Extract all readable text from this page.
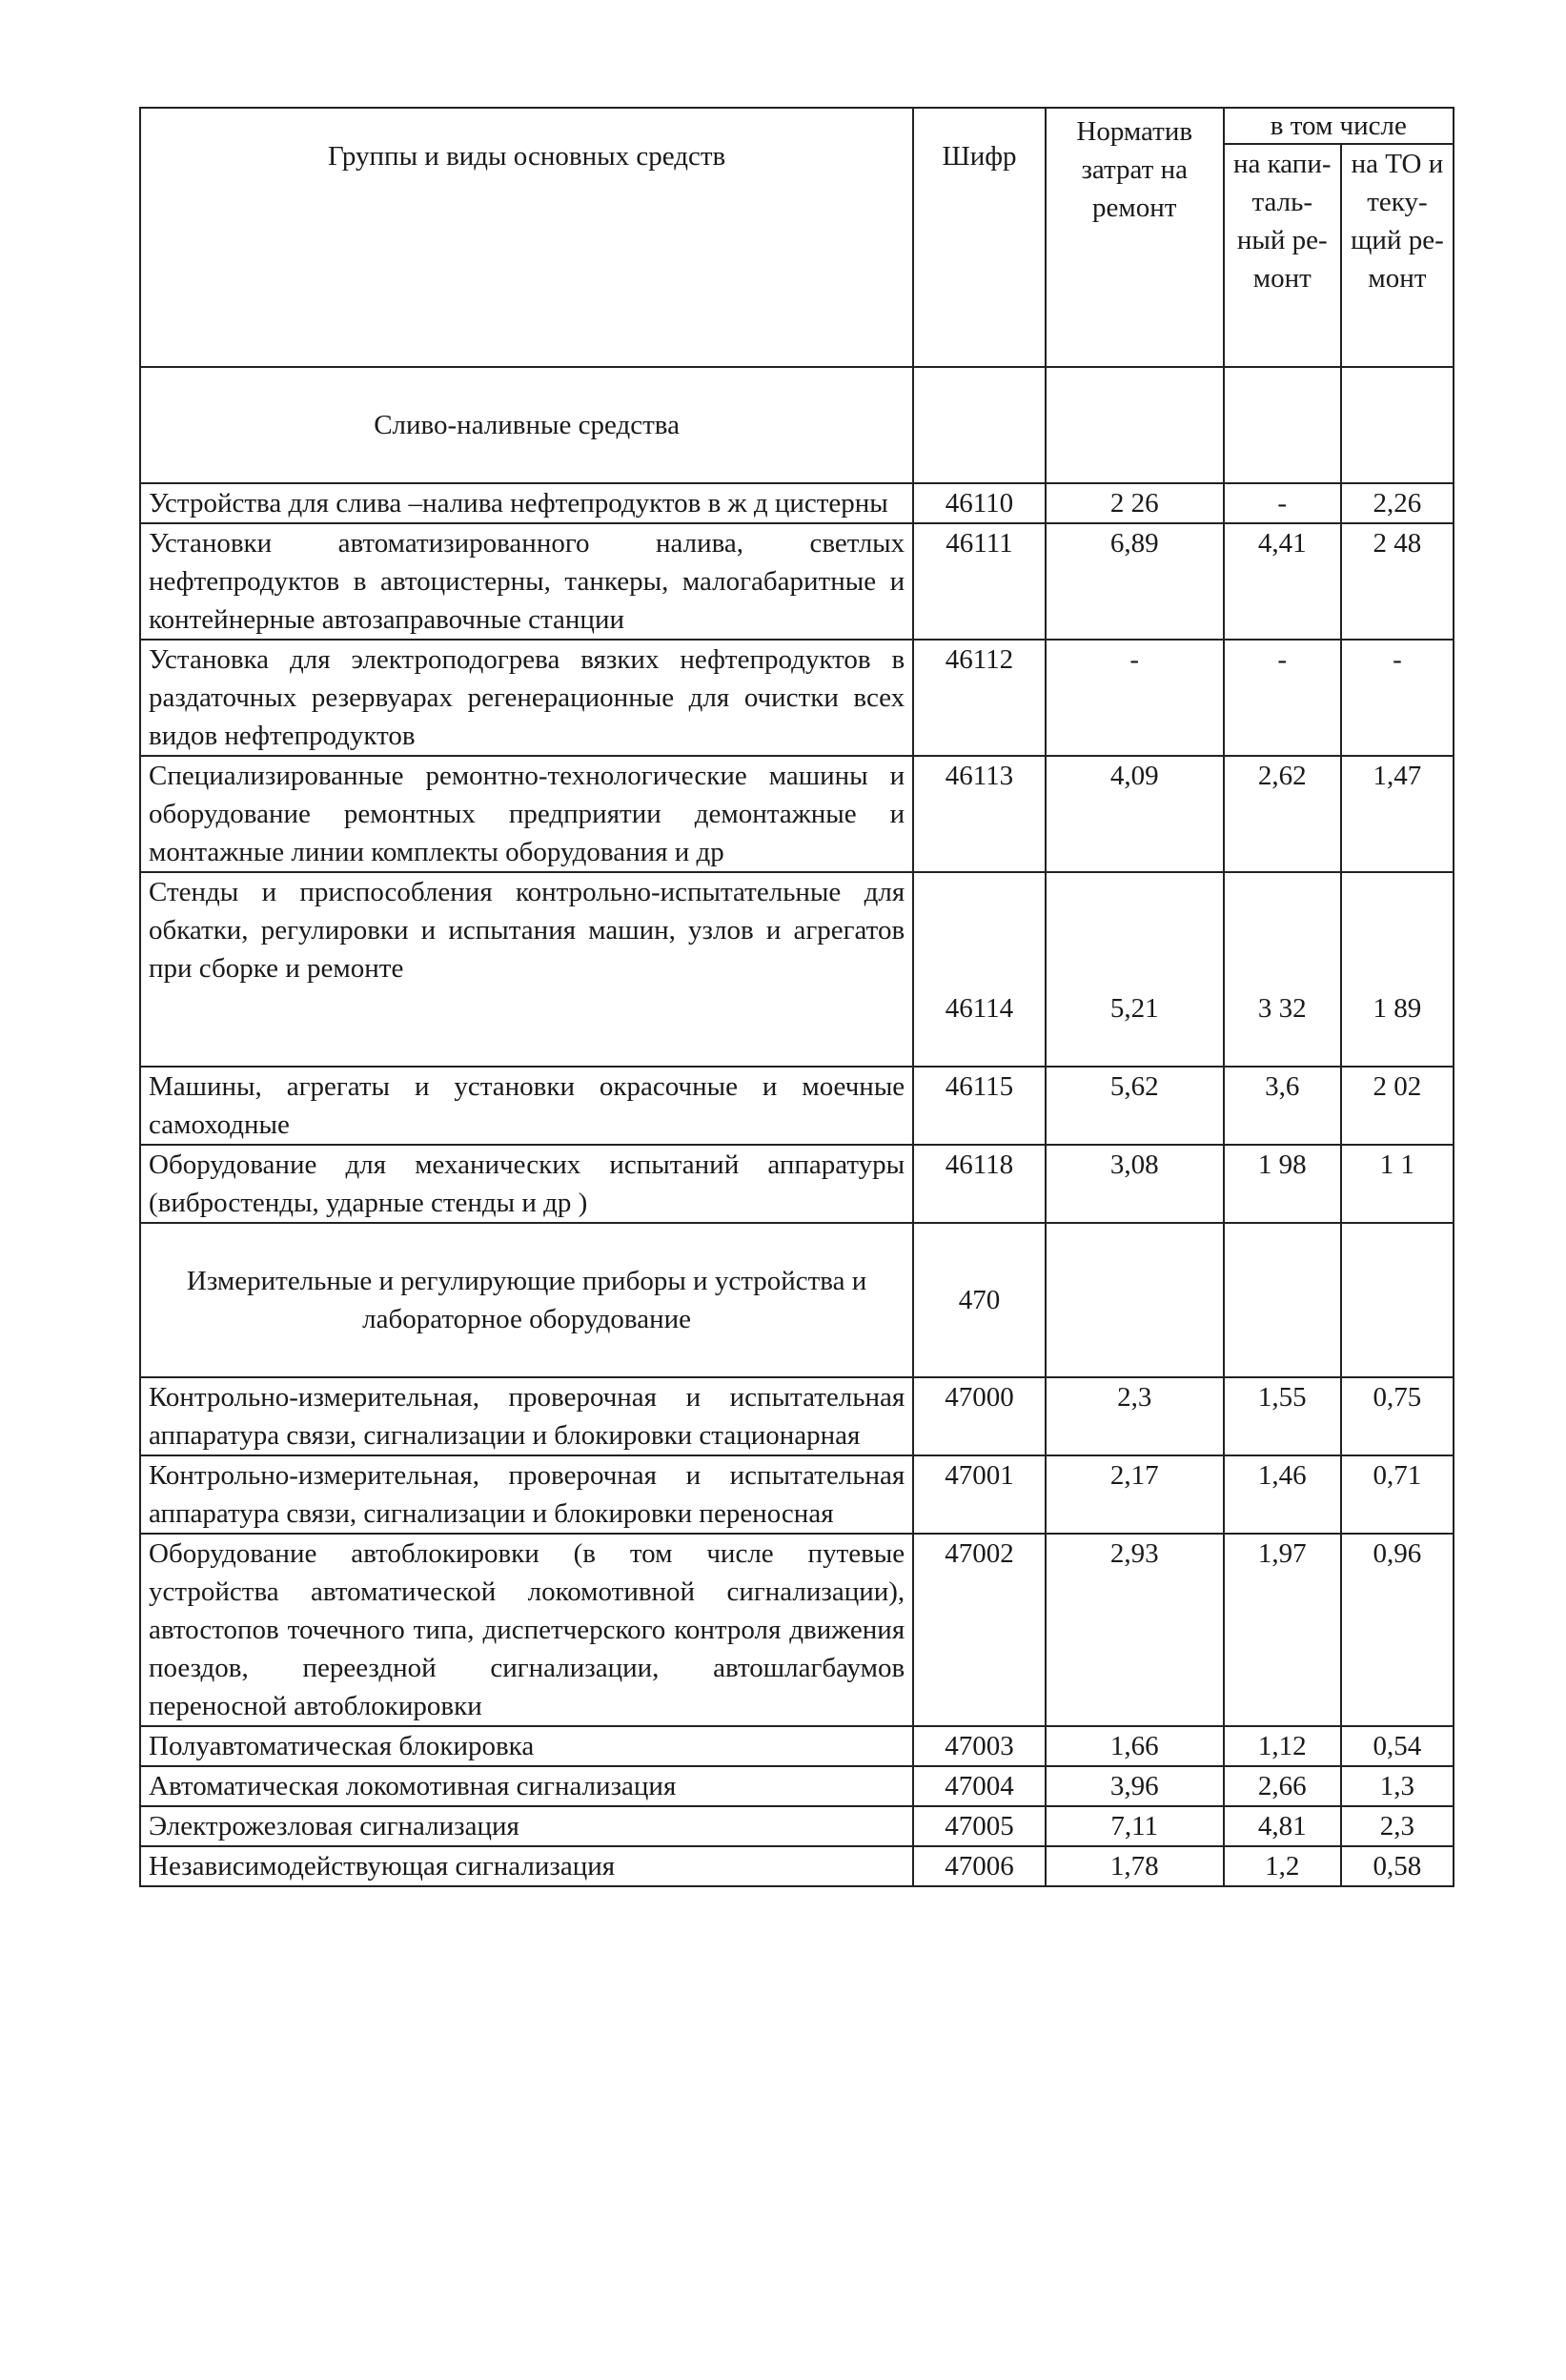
Группы и виды основных средств	Шифр	Норматив затрат на ремонт	в том числе	
			на капи-таль-ный ре-монт	на ТО и теку-щий ре-монт
Сливо-наливные средства				
Устройства для слива –налива нефтепродуктов в ж д цистерны	46110	2 26	-	2,26
Установки автоматизированного налива, светлых нефтепродуктов в автоцистерны, танкеры, малогабаритные и контейнерные автозаправочные станции	46111	6,89	4,41	2 48
Установка для электроподогрева вязких нефтепродуктов в раздаточных резервуарах регенерационные для очистки всех видов нефтепродуктов	46112	-	-	-
Специализированные ремонтно-технологические машины и оборудование ремонтных предприятии демонтажные и монтажные линии комплекты оборудования и др	46113	4,09	2,62	1,47
Стенды и приспособления контрольно-испытательные для обкатки, регулировки и испытания машин, узлов и агрегатов при сборке и ремонте	46114	5,21	3 32	1 89
Машины, агрегаты и установки окрасочные и моечные самоходные	46115	5,62	3,6	2 02
Оборудование для механических испытаний аппаратуры (вибростенды, ударные стенды и др )	46118	3,08	1 98	1 1
Измерительные и регулирующие приборы и устройства и лабораторное оборудование	470			
Контрольно-измерительная, проверочная и испытательная аппаратура связи, сигнализации и блокировки стационарная	47000	2,3	1,55	0,75
Контрольно-измерительная, проверочная и испытательная аппаратура связи, сигнализации и блокировки переносная	47001	2,17	1,46	0,71
Оборудование автоблокировки (в том числе путевые устройства автоматической локомотивной сигнализации), автостопов точечного типа, диспетчерского контроля движения поездов, переездной сигнализации, автошлагбаумов переносной автоблокировки	47002	2,93	1,97	0,96
Полуавтоматическая блокировка	47003	1,66	1,12	0,54
Автоматическая локомотивная сигнализация	47004	3,96	2,66	1,3
Электрожезловая сигнализация	47005	7,11	4,81	2,3
Независимодействующая сигнализация	47006	1,78	1,2	0,58
